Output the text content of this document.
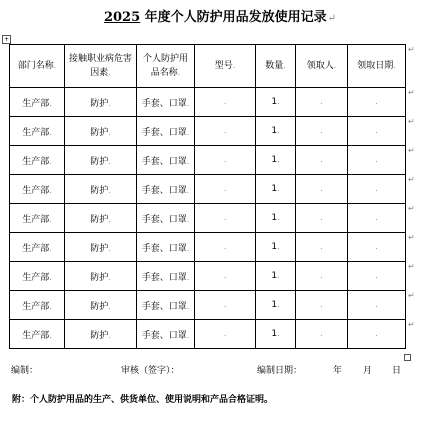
2025 年度个人防护用品发放使用记录↵
+
部门名称.	接触职业病危害因素.	个人防护用品名称.	型号.	数量.	领取人.	领取日期.
生产部.	防护.	手套、口罩.	.	1.	.	.
生产部.	防护.	手套、口罩.	.	1.	.	.
生产部.	防护.	手套、口罩.	.	1.	.	.
生产部.	防护.	手套、口罩.	.	1.	.	.
生产部.	防护.	手套、口罩.	.	1.	.	.
生产部.	防护.	手套、口罩.	.	1.	.	.
生产部.	防护.	手套、口罩.	.	1.	.	.
生产部.	防护.	手套、口罩.	.	1.	.	.
生产部.	防护.	手套、口罩.	.	1.	.	.
↵
↵
↵
↵
↵
↵
↵
↵
↵
↵
编制：	审核（签字）：	编制日期：	年 月 日
附：个人防护用品的生产、供货单位、使用说明和产品合格证明。
